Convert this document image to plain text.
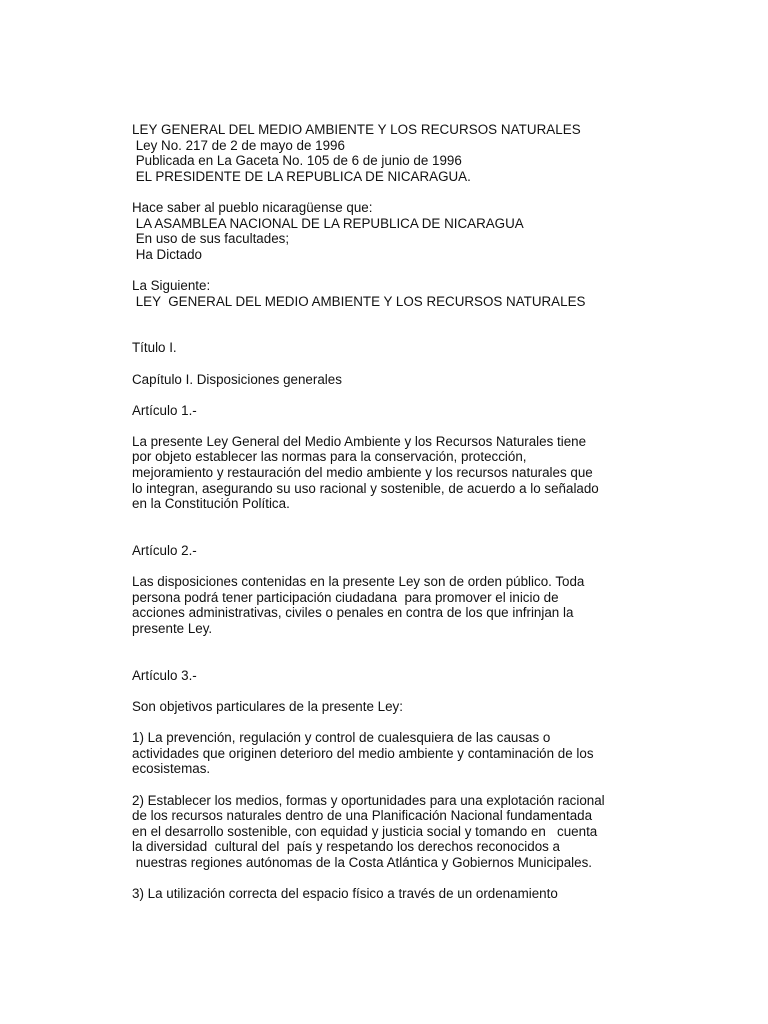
LEY GENERAL DEL MEDIO AMBIENTE Y LOS RECURSOS NATURALES
Ley No. 217 de 2 de mayo de 1996
Publicada en La Gaceta No. 105 de 6 de junio de 1996
EL PRESIDENTE DE LA REPUBLICA DE NICARAGUA.
Hace saber al pueblo nicaragüense que:
LA ASAMBLEA NACIONAL DE LA REPUBLICA DE NICARAGUA
En uso de sus facultades;
Ha Dictado
La Siguiente:
LEY  GENERAL DEL MEDIO AMBIENTE Y LOS RECURSOS NATURALES
Título I.
Capítulo I. Disposiciones generales
Artículo 1.-
La presente Ley General del Medio Ambiente y los Recursos Naturales tiene
por objeto establecer las normas para la conservación, protección,
mejoramiento y restauración del medio ambiente y los recursos naturales que
lo integran, asegurando su uso racional y sostenible, de acuerdo a lo señalado
en la Constitución Política.
Artículo 2.-
Las disposiciones contenidas en la presente Ley son de orden público. Toda
persona podrá tener participación ciudadana  para promover el inicio de
acciones administrativas, civiles o penales en contra de los que infrinjan la
presente Ley.
Artículo 3.-
Son objetivos particulares de la presente Ley:
1) La prevención, regulación y control de cualesquiera de las causas o
actividades que originen deterioro del medio ambiente y contaminación de los
ecosistemas.
2) Establecer los medios, formas y oportunidades para una explotación racional
de los recursos naturales dentro de una Planificación Nacional fundamentada
en el desarrollo sostenible, con equidad y justicia social y tomando en   cuenta
la diversidad  cultural del  país y respetando los derechos reconocidos a
nuestras regiones autónomas de la Costa Atlántica y Gobiernos Municipales.
3) La utilización correcta del espacio físico a través de un ordenamiento
